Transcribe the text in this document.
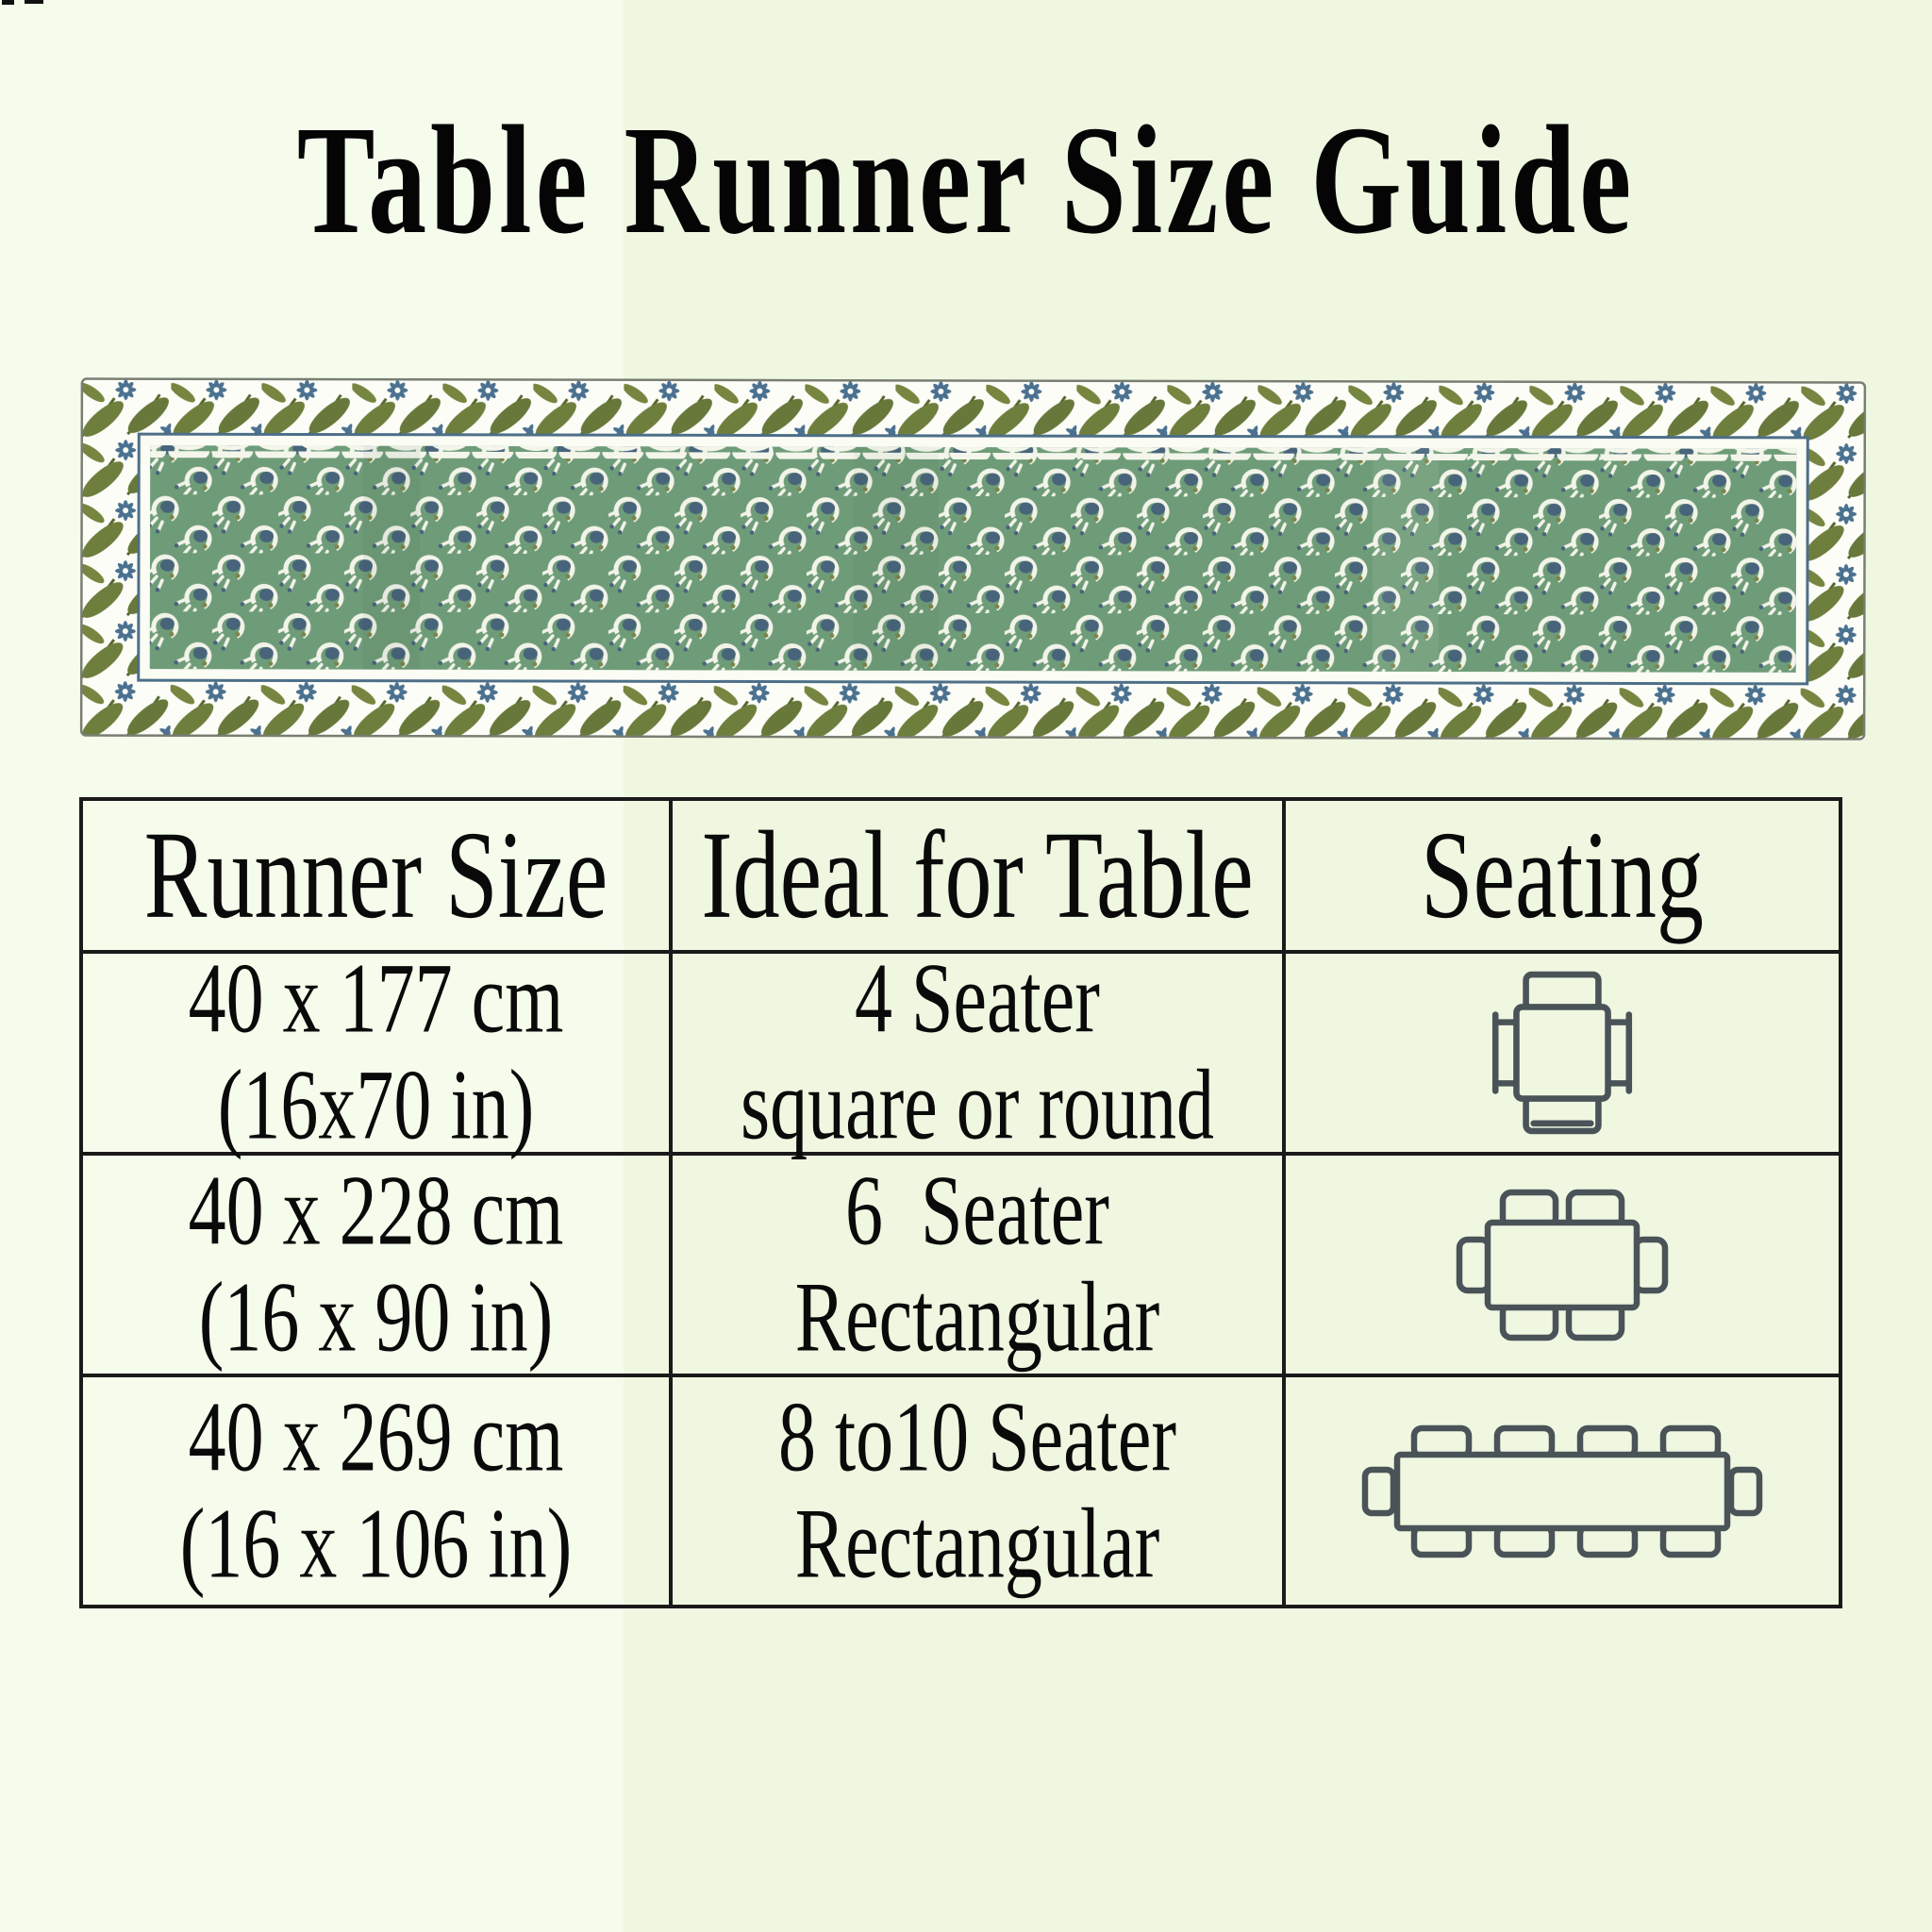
Table Runner Size Guide
Runner Size Ideal for Table Seating
40 x 177 cm
(16x70 in)
4 Seater
square or round
40 x 228 cm
(16 x 90 in)
6  Seater
Rectangular
40 x 269 cm
(16 x 106 in)
8 to10 Seater
Rectangular
